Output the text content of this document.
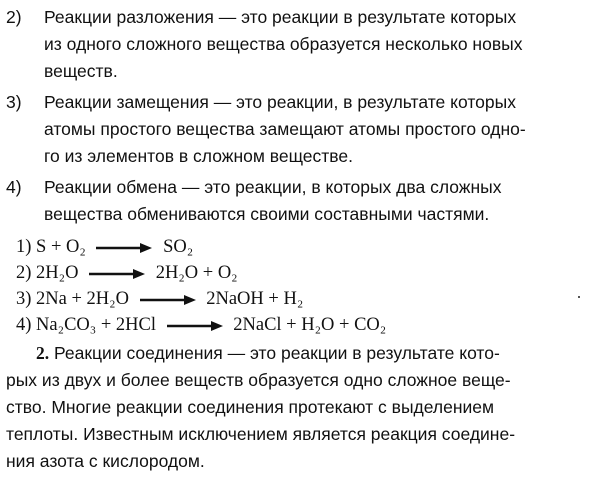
2)	Реакции разложения — это реакции в результате которых
из одного сложного вещества образуется несколько новых
веществ.
3)	Реакции замещения — это реакции, в результате которых
атомы простого вещества замещают атомы простого одно-
го из элементов в сложном веществе.
4)	Реакции обмена — это реакции, в которых два сложных
вещества обмениваются своими составными частями.
1) S + O₂ → SO₂
2) 2H₂O → 2H₂O + O₂
3) 2Na + 2H₂O → 2NaOH + H₂
4) Na₂CO₃ + 2HCl → 2NaCl + H₂O + CO₂
2. Реакции соединения — это реакции в результате кото-
рых из двух и более веществ образуется одно сложное веще-
ство. Многие реакции соединения протекают с выделением
теплоты. Известным исключением является реакция соедине-
ния азота с кислородом.
